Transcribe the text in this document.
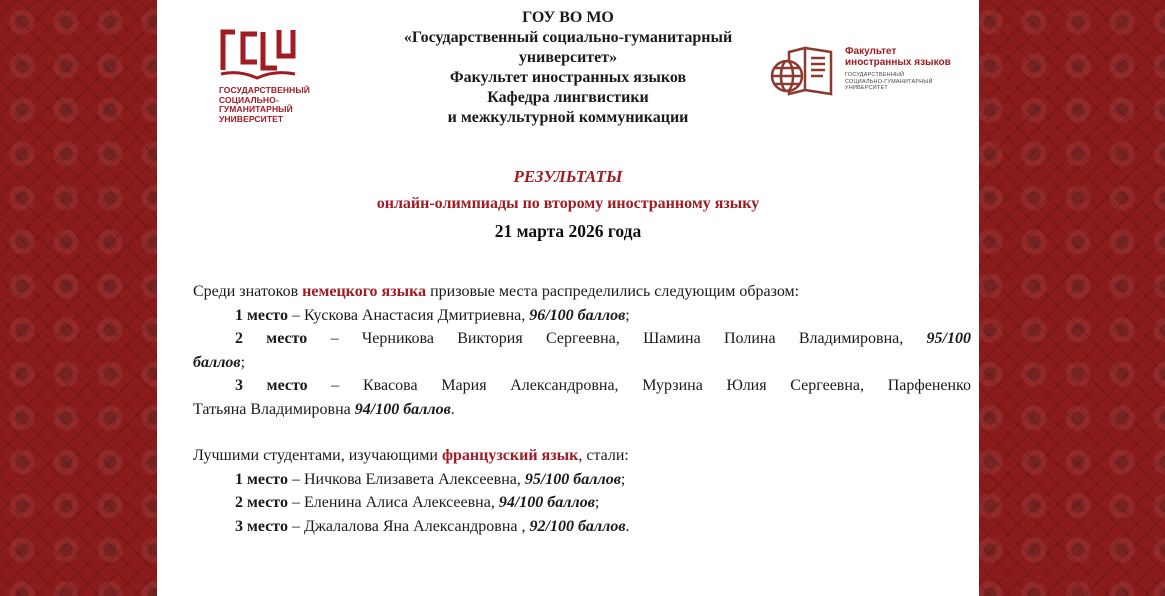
ГОСУДАРСТВЕННЫЙ
СОЦИАЛЬНО-
ГУМАНИТАРНЫЙ
УНИВЕРСИТЕТ
ГОУ ВО МО
«Государственный социально-гуманитарный
университет»
Факультет иностранных языков
Кафедра лингвистики
и межкультурной коммуникации
Факультет
иностранных языков
ГОСУДАРСТВЕННЫЙ
СОЦИАЛЬНО-ГУМАНИТАРНЫЙ
УНИВЕРСИТЕТ
РЕЗУЛЬТАТЫ
онлайн-олимпиады по второму иностранному языку
21 марта 2026 года

Среди знатоков немецкого языка призовые места распределились следующим образом:

1 место – Кускова Анастасия Дмитриевна, 96/100 баллов;

2 место – Черникова Виктория Сергеевна, Шамина Полина Владимировна, 95/100

баллов;

3 место – Квасова Мария Александровна, Мурзина Юлия Сергеевна, Парфененко

Татьяна Владимировна 94/100 баллов.

Лучшими студентами, изучающими французский язык, стали:

1 место – Ничкова Елизавета Алексеевна, 95/100 баллов;

2 место – Еленина Алиса Алексеевна, 94/100 баллов;

3 место – Джалалова Яна Александровна , 92/100 баллов.
